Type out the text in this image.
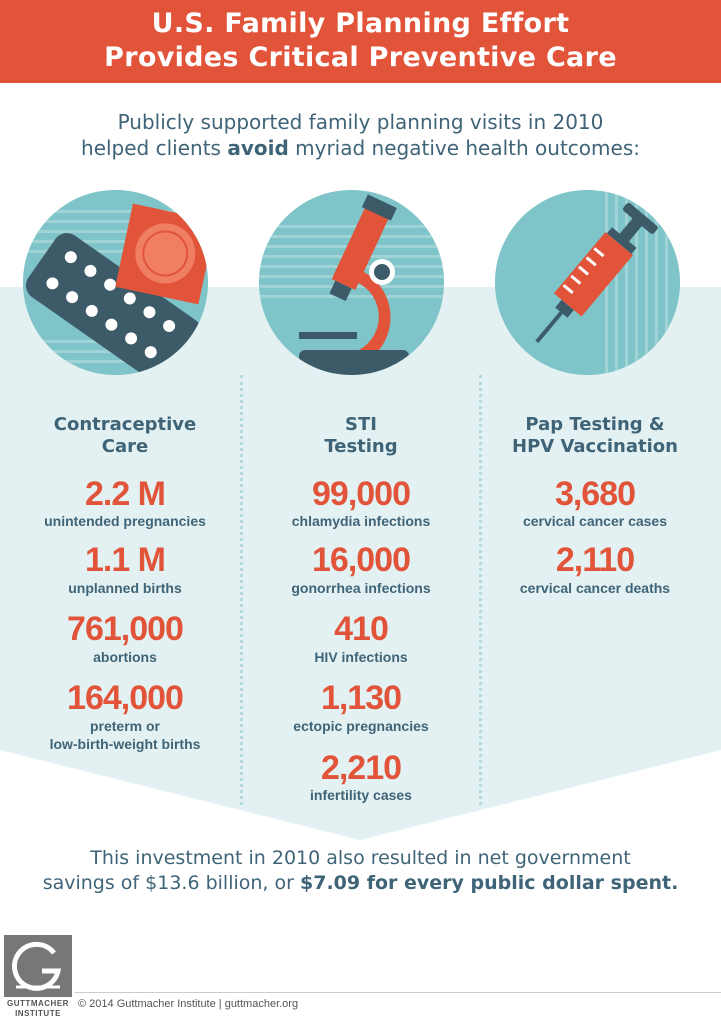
U.S. Family Planning Effort
Provides Critical Preventive Care
Publicly supported family planning visits in 2010
helped clients avoid myriad negative health outcomes:
Contraceptive
Care
2.2 M
unintended pregnancies
1.1 M
unplanned births
761,000
abortions
164,000
preterm or
low-birth-weight births
STI
Testing
99,000
chlamydia infections
16,000
gonorrhea infections
410
HIV infections
1,130
ectopic pregnancies
2,210
infertility cases
Pap Testing &
HPV Vaccination
3,680
cervical cancer cases
2,110
cervical cancer deaths
This investment in 2010 also resulted in net government
savings of $13.6 billion, or $7.09 for every public dollar spent.
GUTTMACHER
INSTITUTE
© 2014 Guttmacher Institute | guttmacher.org
